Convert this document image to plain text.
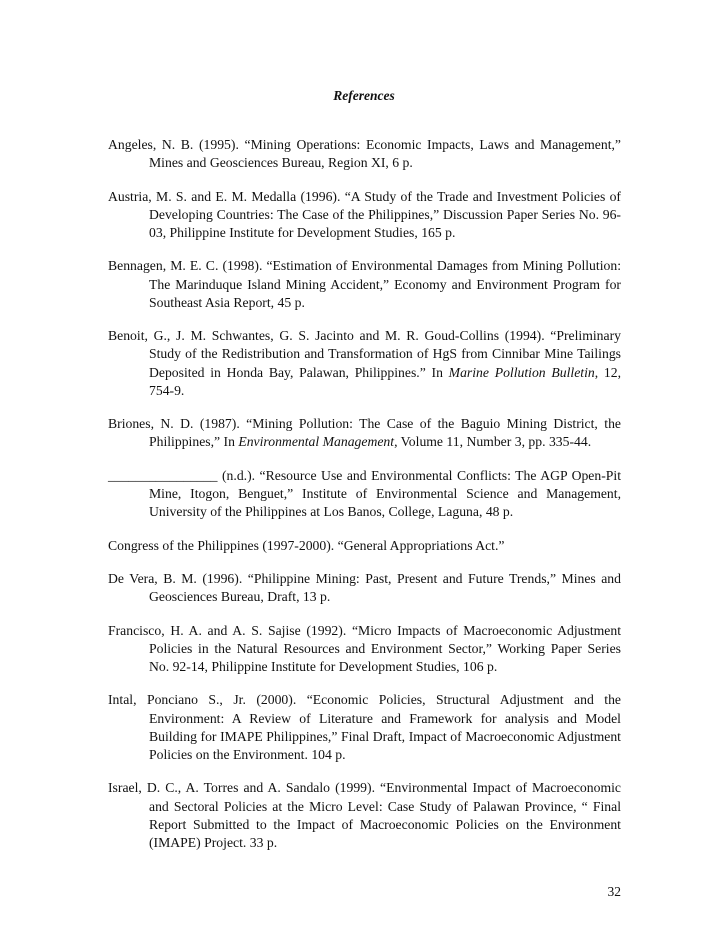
References

Angeles, N. B. (1995). “Mining Operations: Economic Impacts, Laws and Management,” Mines and Geosciences Bureau, Region XI, 6 p.

Austria, M. S. and E. M. Medalla (1996). “A Study of the Trade and Investment Policies of Developing Countries: The Case of the Philippines,” Discussion Paper Series No. 96-03, Philippine Institute for Development Studies, 165 p.

Bennagen, M. E. C. (1998). “Estimation of Environmental Damages from Mining Pollution: The Marinduque Island Mining Accident,” Economy and Environment Program for Southeast Asia Report, 45 p.

Benoit, G., J. M. Schwantes, G. S. Jacinto and M. R. Goud-Collins (1994). “Preliminary Study of the Redistribution and Transformation of HgS from Cinnibar Mine Tailings Deposited in Honda Bay, Palawan, Philippines.” In Marine Pollution Bulletin, 12, 754-9.

Briones, N. D. (1987). “Mining Pollution: The Case of the Baguio Mining District, the Philippines,” In Environmental Management, Volume 11, Number 3, pp. 335-44.

________________ (n.d.). “Resource Use and Environmental Conflicts: The AGP Open-Pit Mine, Itogon, Benguet,” Institute of Environmental Science and Management, University of the Philippines at Los Banos, College, Laguna, 48 p.

Congress of the Philippines (1997-2000). “General Appropriations Act.”

De Vera, B. M. (1996). “Philippine Mining: Past, Present and Future Trends,” Mines and Geosciences Bureau, Draft, 13 p.

Francisco, H. A. and A. S. Sajise (1992). “Micro Impacts of Macroeconomic Adjustment Policies in the Natural Resources and Environment Sector,” Working Paper Series No. 92-14, Philippine Institute for Development Studies, 106 p.

Intal, Ponciano S., Jr. (2000). “Economic Policies, Structural Adjustment and the Environment: A Review of Literature and Framework for analysis and Model Building for IMAPE Philippines,” Final Draft, Impact of Macroeconomic Adjustment Policies on the Environment. 104 p.

Israel, D. C., A. Torres and A. Sandalo (1999). “Environmental Impact of Macroeconomic and Sectoral Policies at the Micro Level: Case Study of Palawan Province, “ Final Report Submitted to the Impact of Macroeconomic Policies on the Environment (IMAPE) Project. 33 p.

32
